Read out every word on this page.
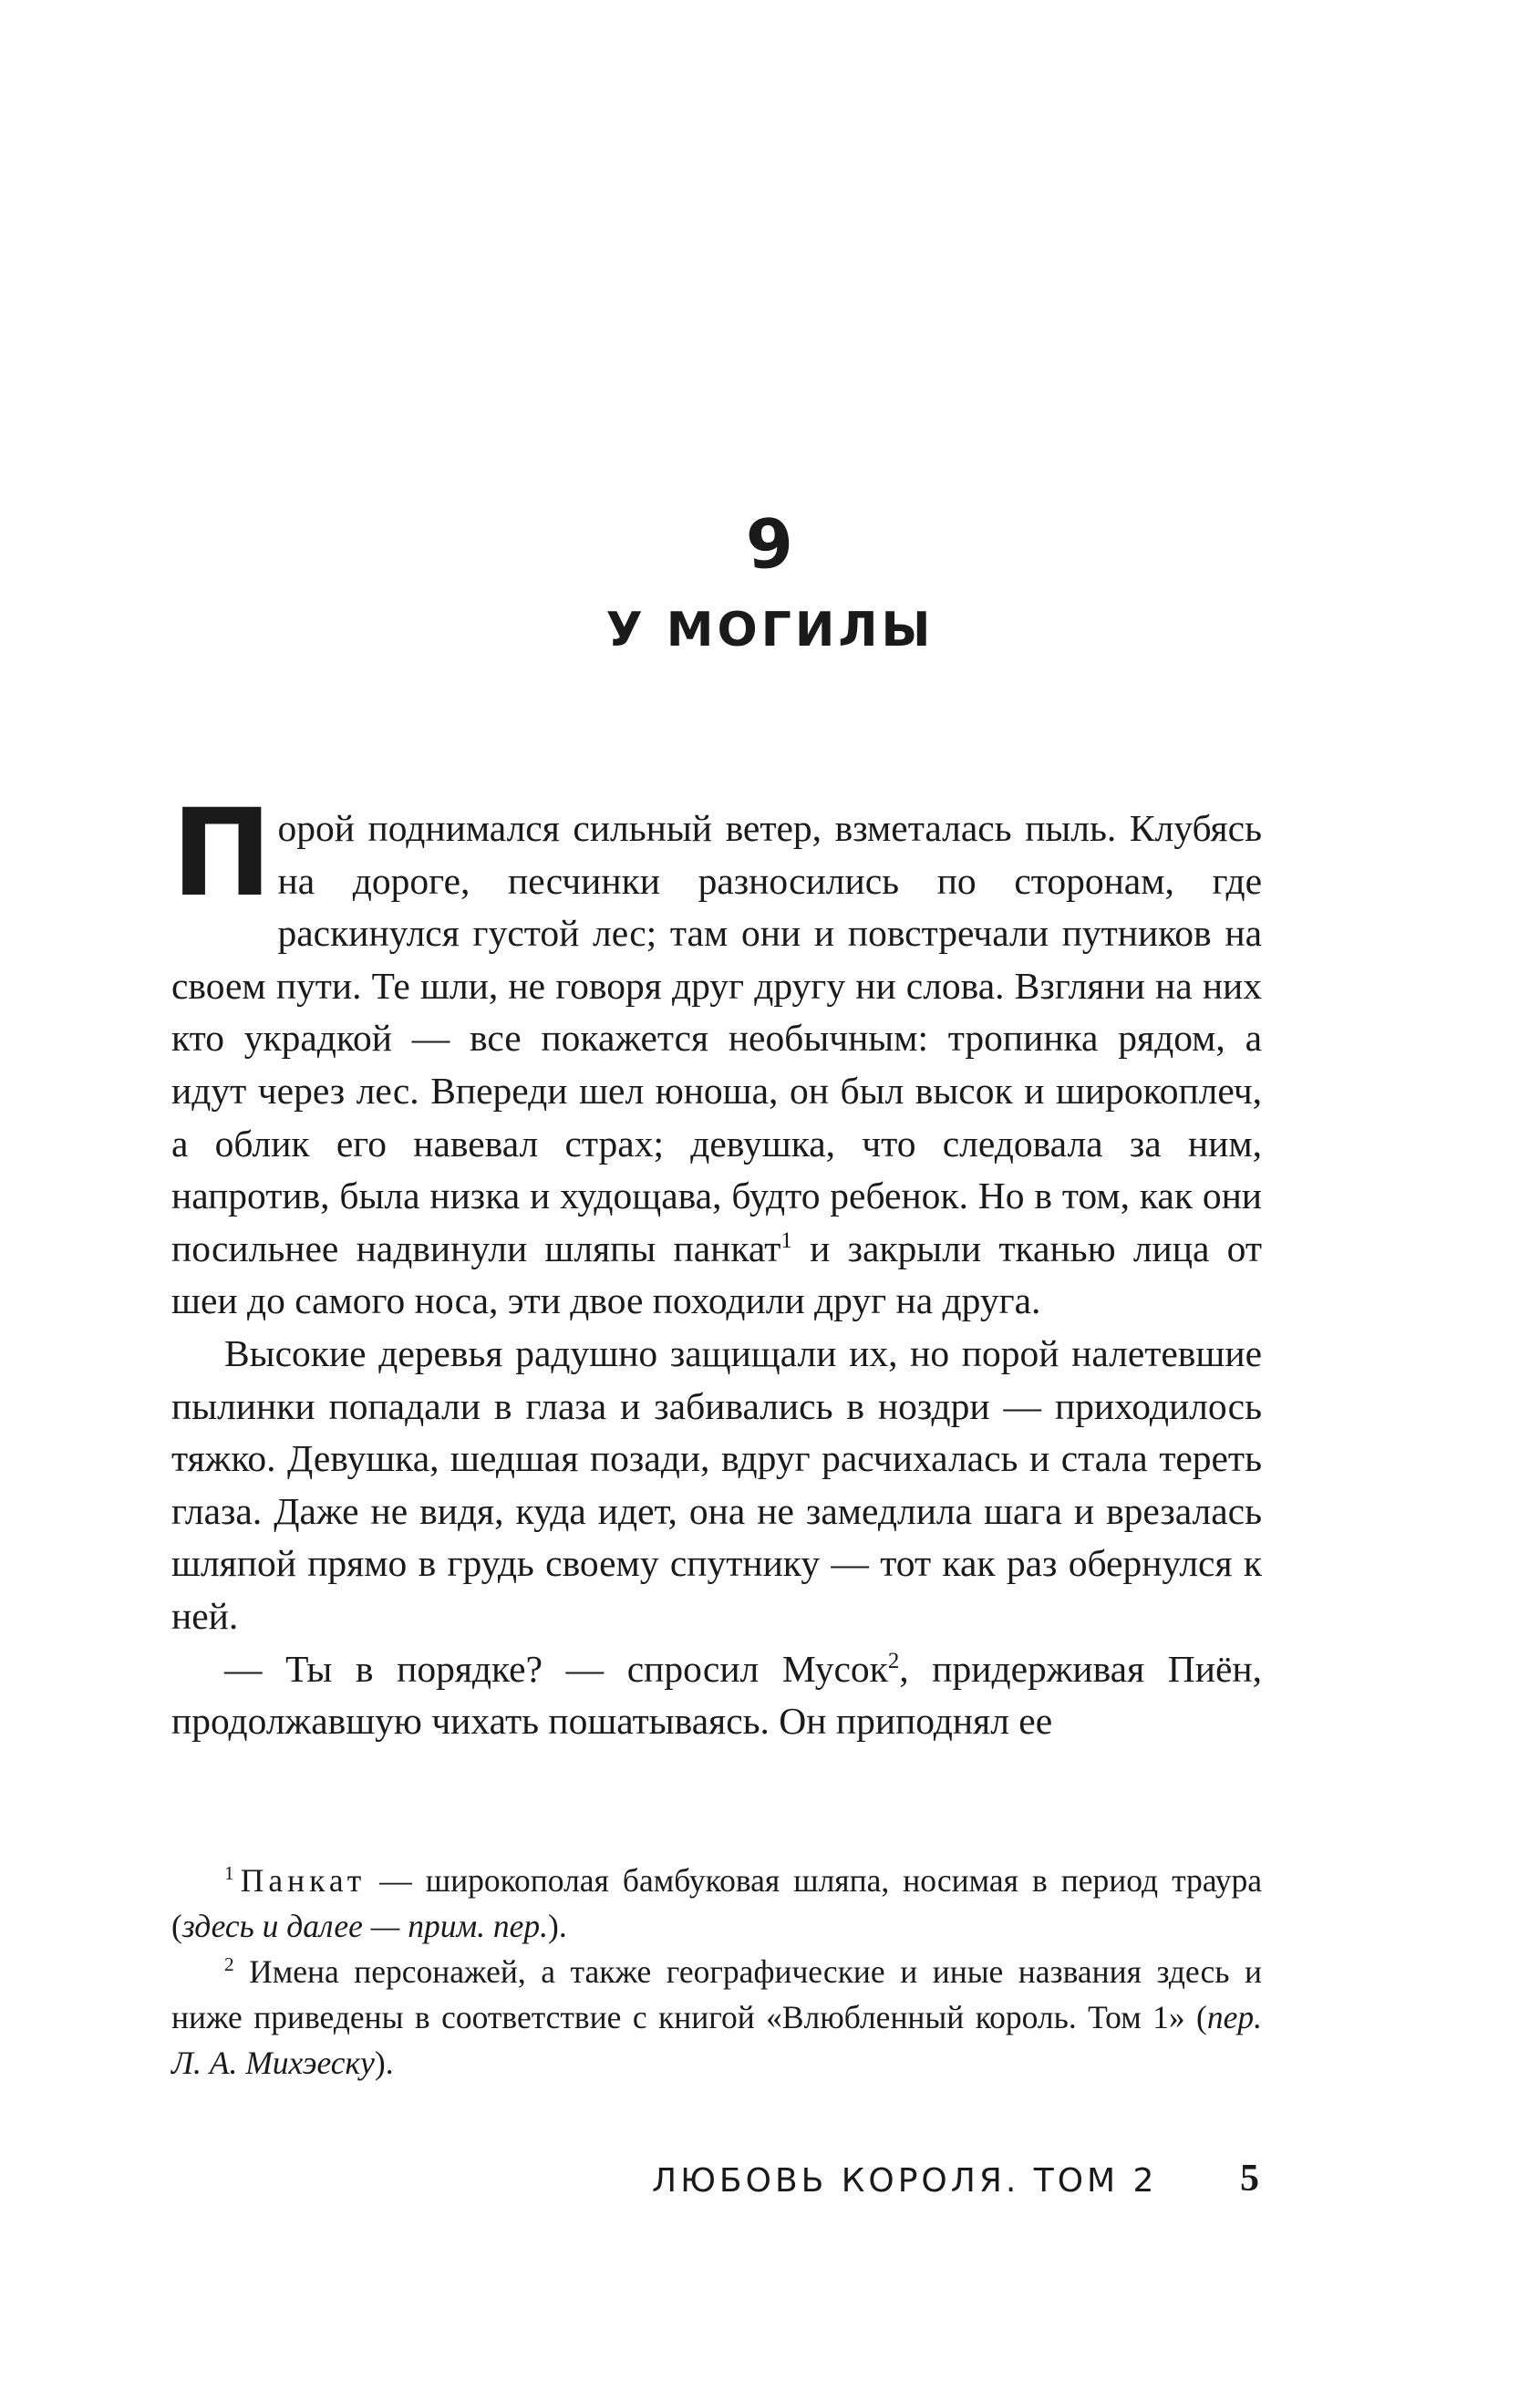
9
У МОГИЛЫ

Порой поднимался сильный ветер, взметалась пыль. Клубясь на дороге, песчинки разносились по сторонам, где раскинулся густой лес; там они и повстречали путников на своем пути. Те шли, не говоря друг другу ни слова. Взгляни на них кто украдкой — все покажется необычным: тропинка рядом, а идут через лес. Впереди шел юноша, он был высок и широкоплеч, а облик его навевал страх; девушка, что следовала за ним, напротив, была низка и худощава, будто ребенок. Но в том, как они посильнее надвинули шляпы панкат$^1$ и закрыли тканью лица от шеи до самого носа, эти двое походили друг на друга.

Высокие деревья радушно защищали их, но порой налетевшие пылинки попадали в глаза и забивались в ноздри — приходилось тяжко. Девушка, шедшая позади, вдруг расчихалась и стала тереть глаза. Даже не видя, куда идет, она не замедлила шага и врезалась шляпой прямо в грудь своему спутнику — тот как раз обернулся к ней.

— Ты в порядке? — спросил Мусок$^2$, придерживая Пиён, продолжавшую чихать пошатываясь. Он приподнял ее

$^1$  Панкат — широкополая бамбуковая шляпа, носимая в период траура (здесь и далее — прим. пер.).

$^2$ Имена персонажей, а также географические и иные названия здесь и ниже приведены в соответствие с книгой «Влюбленный король. Том 1» (пер. Л. А. Михэеску).

ЛЮБОВЬ КОРОЛЯ. ТОМ 2 5
